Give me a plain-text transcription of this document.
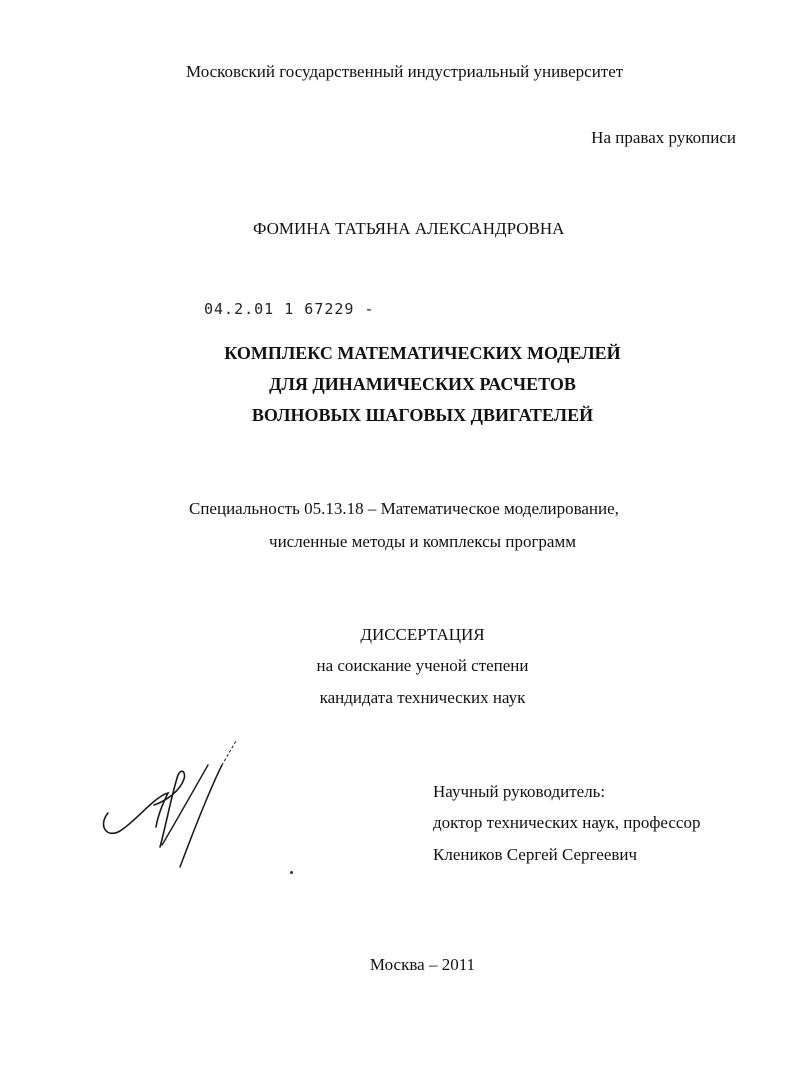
Московский государственный индустриальный университет

На правах рукописи

ФОМИНА ТАТЬЯНА АЛЕКСАНДРОВНА

04.2.01 1 67229 -

КОМПЛЕКС МАТЕМАТИЧЕСКИХ МОДЕЛЕЙ

ДЛЯ ДИНАМИЧЕСКИХ РАСЧЕТОВ

ВОЛНОВЫХ ШАГОВЫХ ДВИГАТЕЛЕЙ

Специальность 05.13.18 – Математическое моделирование,

численные методы и комплексы программ

ДИССЕРТАЦИЯ

на соискание ученой степени

кандидата технических наук

Научный руководитель:

доктор технических наук, профессор

Клеников Сергей Сергеевич

Москва – 2011
